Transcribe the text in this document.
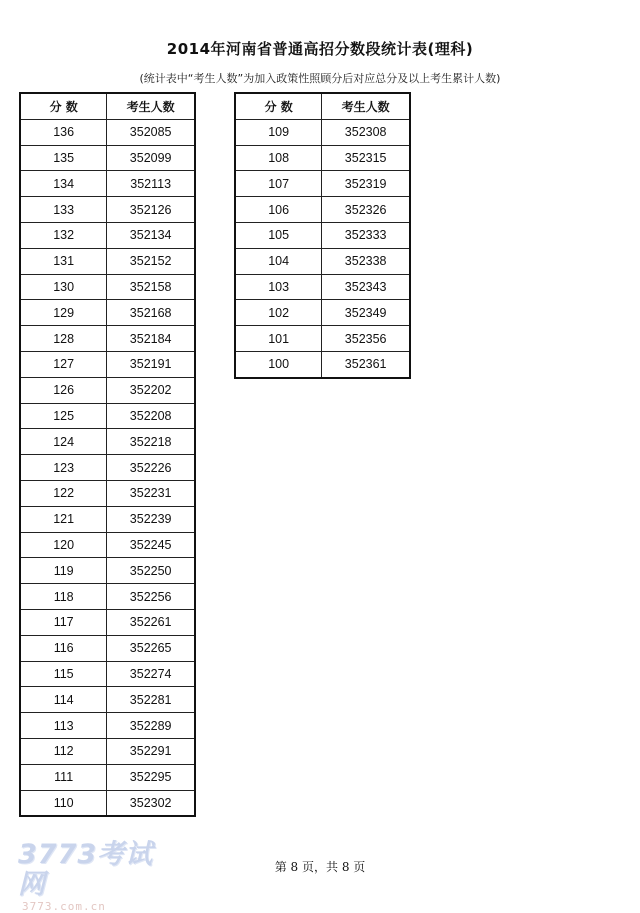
2014年河南省普通高招分数段统计表(理科)
(统计表中“考生人数”为加入政策性照顾分后对应总分及以上考生累计人数)
分 数	考生人数
136	352085
135	352099
134	352113
133	352126
132	352134
131	352152
130	352158
129	352168
128	352184
127	352191
126	352202
125	352208
124	352218
123	352226
122	352231
121	352239
120	352245
119	352250
118	352256
117	352261
116	352265
115	352274
114	352281
113	352289
112	352291
111	352295
110	352302
分 数	考生人数
109	352308
108	352315
107	352319
106	352326
105	352333
104	352338
103	352343
102	352349
101	352356
100	352361
3773考试网
3773.com.cn
第 8 页，共 8 页
